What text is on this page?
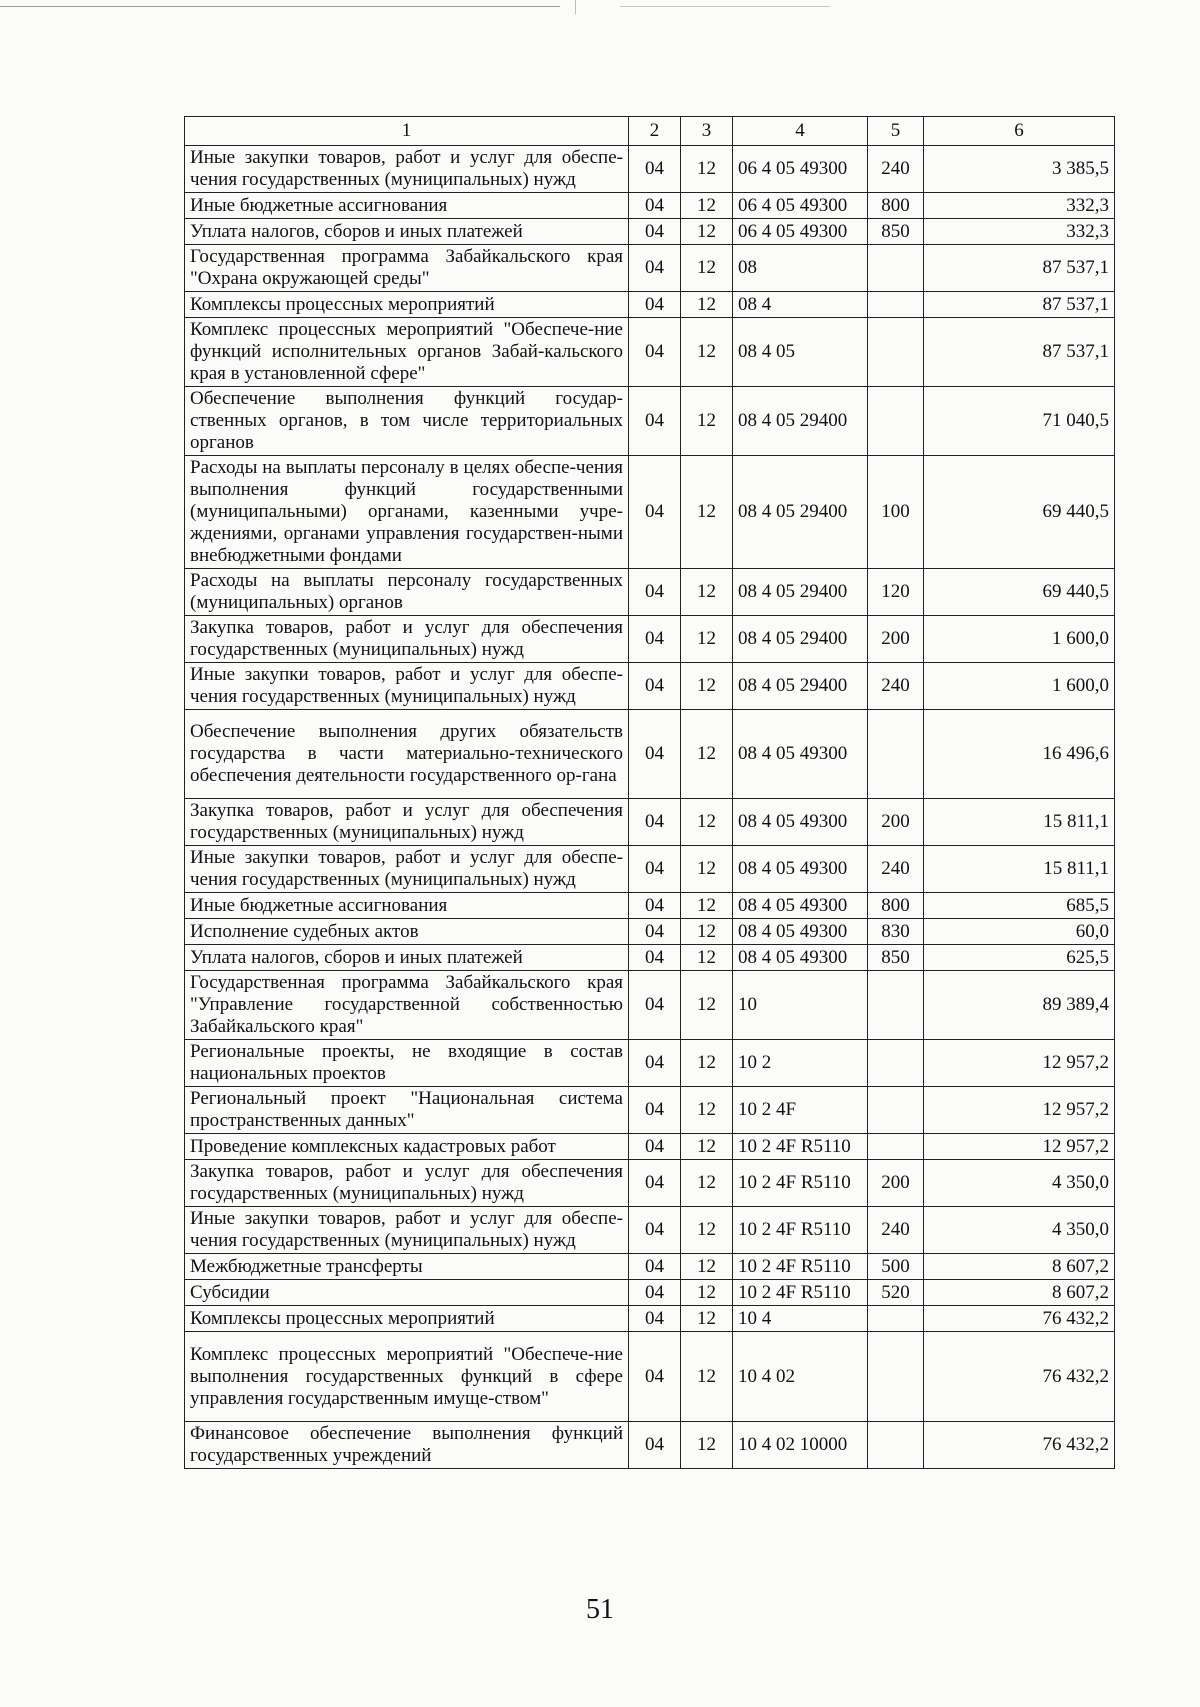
1	2	3	4	5	6
Иные закупки товаров, работ и услуг для обеспе-чения государственных (муниципальных) нужд	04	12	06 4 05 49300	240	3 385,5
Иные бюджетные ассигнования	04	12	06 4 05 49300	800	332,3
Уплата налогов, сборов и иных платежей	04	12	06 4 05 49300	850	332,3
Государственная программа Забайкальского края "Охрана окружающей среды"	04	12	08		87 537,1
Комплексы процессных мероприятий	04	12	08 4		87 537,1
Комплекс процессных мероприятий "Обеспече-ние функций исполнительных органов Забай-кальского края в установленной сфере"	04	12	08 4 05		87 537,1
Обеспечение выполнения функций государ-ственных органов, в том числе территориальных органов	04	12	08 4 05 29400		71 040,5
Расходы на выплаты персоналу в целях обеспе-чения выполнения функций государственными (муниципальными) органами, казенными учре-ждениями, органами управления государствен-ными внебюджетными фондами	04	12	08 4 05 29400	100	69 440,5
Расходы на выплаты персоналу государственных (муниципальных) органов	04	12	08 4 05 29400	120	69 440,5
Закупка товаров, работ и услуг для обеспечения государственных (муниципальных) нужд	04	12	08 4 05 29400	200	1 600,0
Иные закупки товаров, работ и услуг для обеспе-чения государственных (муниципальных) нужд	04	12	08 4 05 29400	240	1 600,0
Обеспечение выполнения других обязательств государства в части материально-технического обеспечения деятельности государственного ор-гана	04	12	08 4 05 49300		16 496,6
Закупка товаров, работ и услуг для обеспечения государственных (муниципальных) нужд	04	12	08 4 05 49300	200	15 811,1
Иные закупки товаров, работ и услуг для обеспе-чения государственных (муниципальных) нужд	04	12	08 4 05 49300	240	15 811,1
Иные бюджетные ассигнования	04	12	08 4 05 49300	800	685,5
Исполнение судебных актов	04	12	08 4 05 49300	830	60,0
Уплата налогов, сборов и иных платежей	04	12	08 4 05 49300	850	625,5
Государственная программа Забайкальского края "Управление государственной собственностью Забайкальского края"	04	12	10		89 389,4
Региональные проекты, не входящие в состав национальных проектов	04	12	10 2		12 957,2
Региональный проект "Национальная система пространственных данных"	04	12	10 2 4F		12 957,2
Проведение комплексных кадастровых работ	04	12	10 2 4F R5110		12 957,2
Закупка товаров, работ и услуг для обеспечения государственных (муниципальных) нужд	04	12	10 2 4F R5110	200	4 350,0
Иные закупки товаров, работ и услуг для обеспе-чения государственных (муниципальных) нужд	04	12	10 2 4F R5110	240	4 350,0
Межбюджетные трансферты	04	12	10 2 4F R5110	500	8 607,2
Субсидии	04	12	10 2 4F R5110	520	8 607,2
Комплексы процессных мероприятий	04	12	10 4		76 432,2
Комплекс процессных мероприятий "Обеспече-ние выполнения государственных функций в сфере управления государственным имуще-ством"	04	12	10 4 02		76 432,2
Финансовое обеспечение выполнения функций государственных учреждений	04	12	10 4 02 10000		76 432,2
51
